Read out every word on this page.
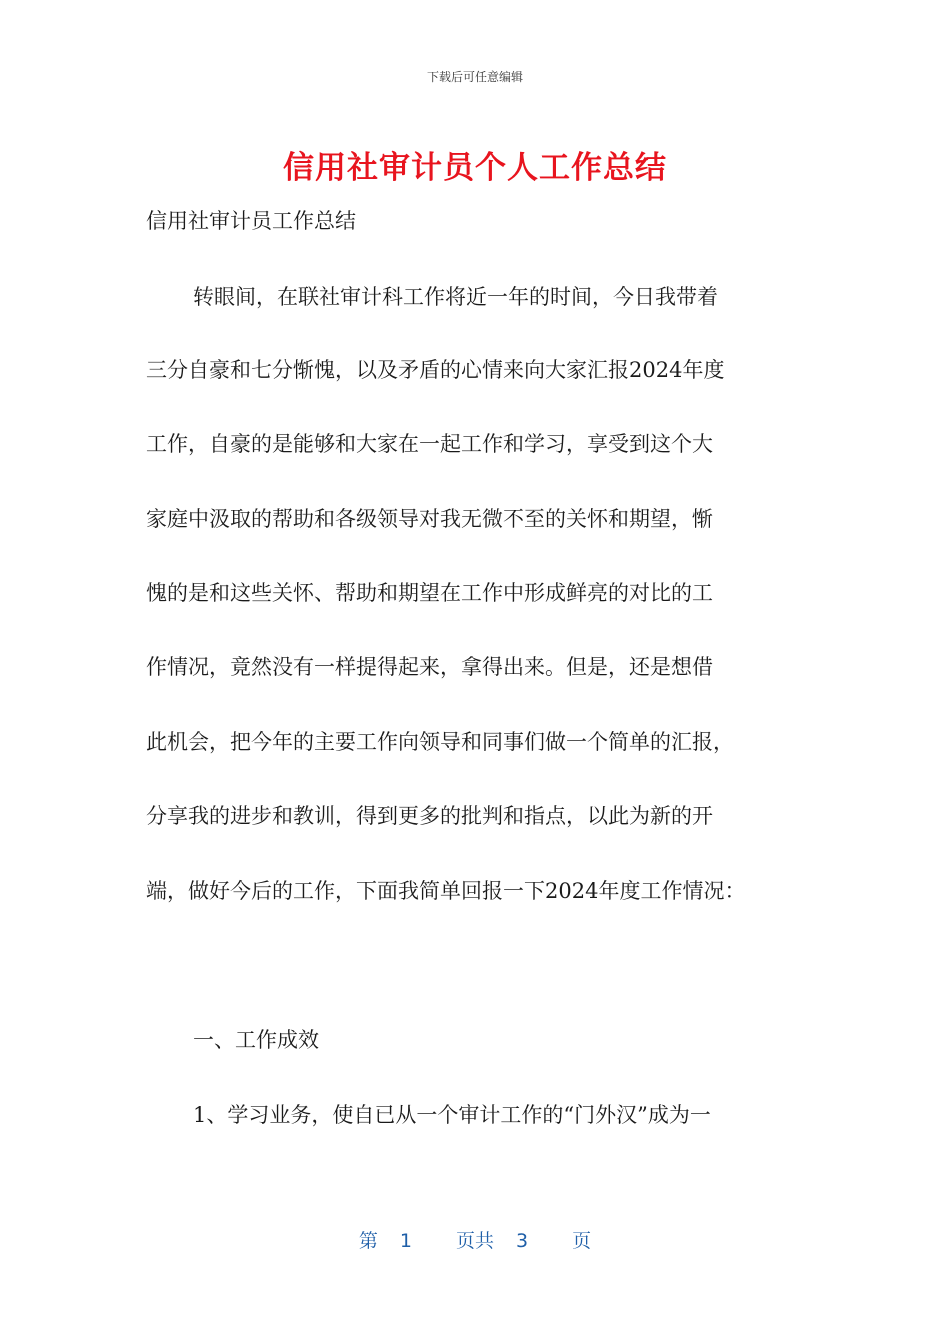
下载后可任意编辑
信用社审计员个人工作总结
信用社审计员工作总结
转眼间，在联社审计科工作将近一年的时间，今日我带着
三分自豪和七分惭愧，以及矛盾的心情来向大家汇报2024年度
工作，自豪的是能够和大家在一起工作和学习，享受到这个大
家庭中汲取的帮助和各级领导对我无微不至的关怀和期望，惭
愧的是和这些关怀、帮助和期望在工作中形成鲜亮的对比的工
作情况，竟然没有一样提得起来，拿得出来。但是，还是想借
此机会，把今年的主要工作向领导和同事们做一个简单的汇报，
分享我的进步和教训，得到更多的批判和指点，以此为新的开
端，做好今后的工作，下面我简单回报一下2024年度工作情况：
一、工作成效
1、学习业务，使自已从一个审计工作的“门外汉”成为一
第 1 页共 3 页
